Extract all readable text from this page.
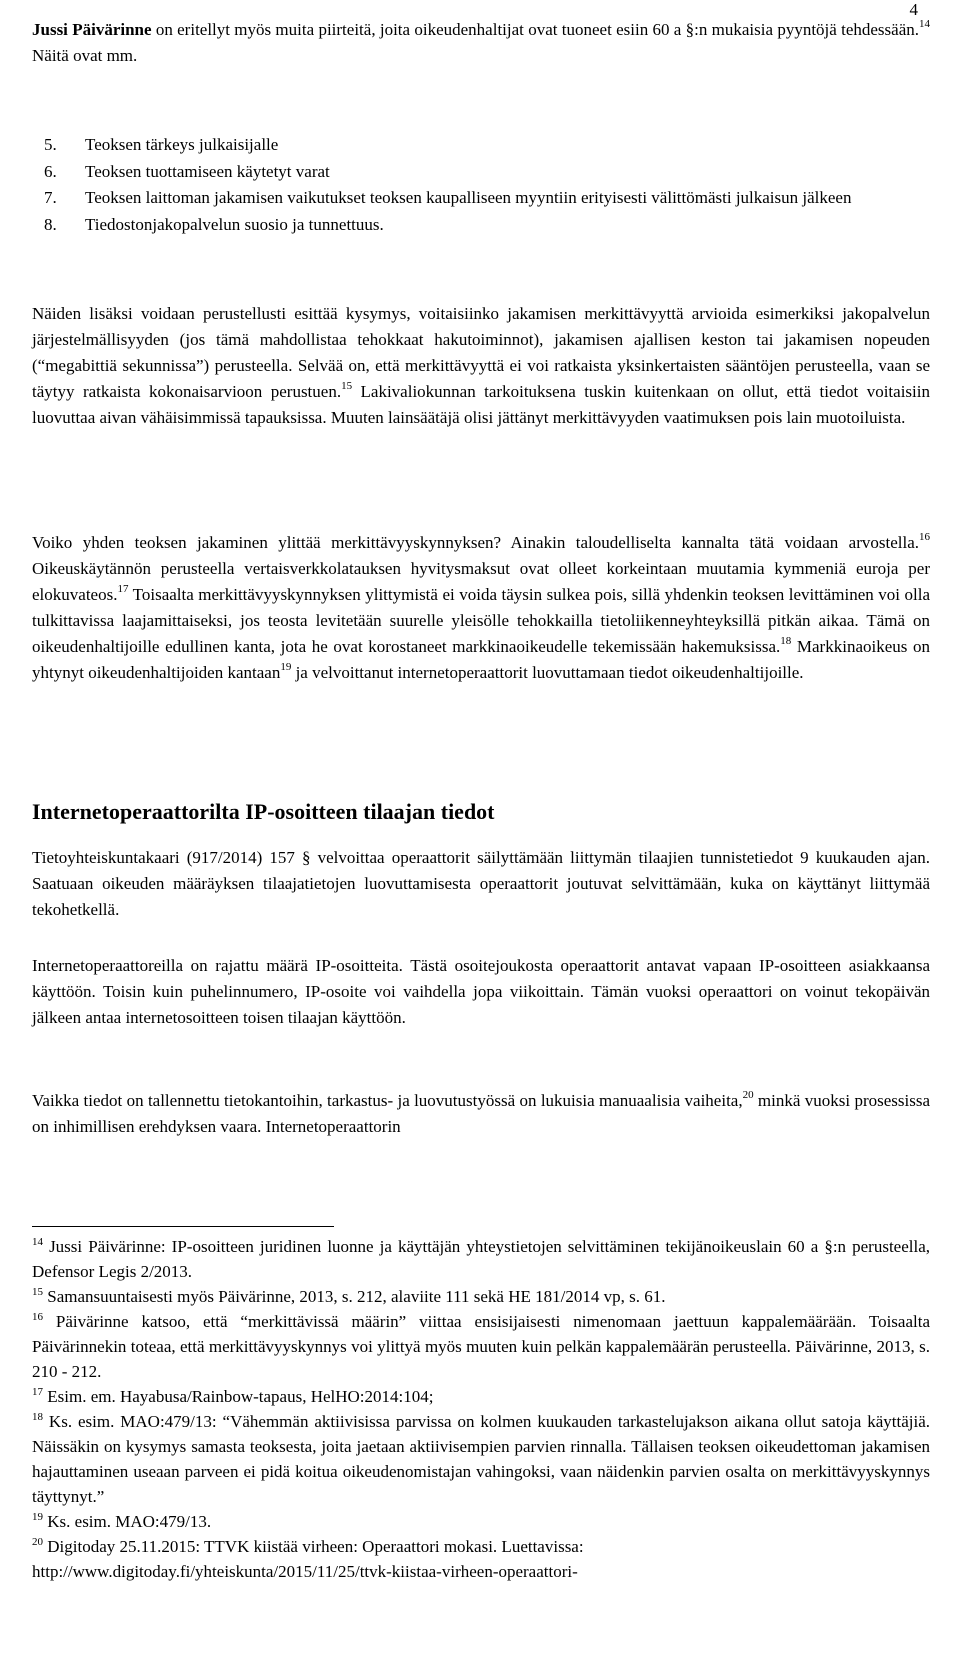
4

Jussi Päivärinne on eritellyt myös muita piirteitä, joita oikeudenhaltijat ovat tuoneet esiin 60 a §:n mukaisia pyyntöjä tehdessään.$^{14}$ Näitä ovat mm.

5. Teoksen tärkeys julkaisijalle
6. Teoksen tuottamiseen käytetyt varat
7. Teoksen laittoman jakamisen vaikutukset teoksen kaupalliseen myyntiin erityisesti välittömästi julkaisun jälkeen
8. Tiedostonjakopalvelun suosio ja tunnettuus.

Näiden lisäksi voidaan perustellusti esittää kysymys, voitaisiinko jakamisen merkittävyyttä arvioida esimerkiksi jakopalvelun järjestelmällisyyden (jos tämä mahdollistaa tehokkaat hakutoiminnot), jakamisen ajallisen keston tai jakamisen nopeuden (“megabittiä sekunnissa”) perusteella. Selvää on, että merkittävyyttä ei voi ratkaista yksinkertaisten sääntöjen perusteella, vaan se täytyy ratkaista kokonaisarvioon perustuen.$^{15}$ Lakivaliokunnan tarkoituksena tuskin kuitenkaan on ollut, että tiedot voitaisiin luovuttaa aivan vähäisimmissä tapauksissa. Muuten lainsäätäjä olisi jättänyt merkittävyyden vaatimuksen pois lain muotoiluista.

Voiko yhden teoksen jakaminen ylittää merkittävyyskynnyksen? Ainakin taloudelliselta kannalta tätä voidaan arvostella.$^{16}$ Oikeuskäytännön perusteella vertaisverkkolatauksen hyvitysmaksut ovat olleet korkeintaan muutamia kymmeniä euroja per elokuvateos.$^{17}$ Toisaalta merkittävyyskynnyksen ylittymistä ei voida täysin sulkea pois, sillä yhdenkin teoksen levittäminen voi olla tulkittavissa laajamittaiseksi, jos teosta levitetään suurelle yleisölle tehokkailla tietoliikenneyhteyksillä pitkän aikaa. Tämä on oikeudenhaltijoille edullinen kanta, jota he ovat korostaneet markkinaoikeudelle tekemissään hakemuksissa.$^{18}$ Markkinaoikeus on yhtynyt oikeudenhaltijoiden kantaan$^{19}$ ja velvoittanut internetoperaattorit luovuttamaan tiedot oikeudenhaltijoille.

Internetoperaattorilta IP-osoitteen tilaajan tiedot

Tietoyhteiskuntakaari (917/2014) 157 § velvoittaa operaattorit säilyttämään liittymän tilaajien tunnistetiedot 9 kuukauden ajan. Saatuaan oikeuden määräyksen tilaajatietojen luovuttamisesta operaattorit joutuvat selvittämään, kuka on käyttänyt liittymää tekohetkellä.

Internetoperaattoreilla on rajattu määrä IP-osoitteita. Tästä osoitejoukosta operaattorit antavat vapaan IP-osoitteen asiakkaansa käyttöön. Toisin kuin puhelinnumero, IP-osoite voi vaihdella jopa viikoittain. Tämän vuoksi operaattori on voinut tekopäivän jälkeen antaa internetosoitteen toisen tilaajan käyttöön.

Vaikka tiedot on tallennettu tietokantoihin, tarkastus- ja luovutustyössä on lukuisia manuaalisia vaiheita,$^{20}$ minkä vuoksi prosessissa on inhimillisen erehdyksen vaara. Internetoperaattorin

$^{14}$ Jussi Päivärinne: IP-osoitteen juridinen luonne ja käyttäjän yhteystietojen selvittäminen tekijänoikeuslain 60 a §:n perusteella, Defensor Legis 2/2013.

$^{15}$ Samansuuntaisesti myös Päivärinne, 2013, s. 212, alaviite 111 sekä HE 181/2014 vp, s. 61.

$^{16}$ Päivärinne katsoo, että “merkittävissä määrin” viittaa ensisijaisesti nimenomaan jaettuun kappalemäärään. Toisaalta Päivärinnekin toteaa, että merkittävyyskynnys voi ylittyä myös muuten kuin pelkän kappalemäärän perusteella. Päivärinne, 2013, s. 210 - 212.

$^{17}$ Esim. em. Hayabusa/Rainbow-tapaus, HelHO:2014:104;

$^{18}$ Ks. esim. MAO:479/13: “Vähemmän aktiivisissa parvissa on kolmen kuukauden tarkastelujakson aikana ollut satoja käyttäjiä. Näissäkin on kysymys samasta teoksesta, joita jaetaan aktiivisempien parvien rinnalla. Tällaisen teoksen oikeudettoman jakamisen hajauttaminen useaan parveen ei pidä koitua oikeudenomistajan vahingoksi, vaan näidenkin parvien osalta on merkittävyyskynnys täyttynyt.”

$^{19}$ Ks. esim. MAO:479/13.

$^{20}$ Digitoday 25.11.2015: TTVK kiistää virheen: Operaattori mokasi. Luettavissa: http://www.digitoday.fi/yhteiskunta/2015/11/25/ttvk-kiistaa-virheen-operaattori-
